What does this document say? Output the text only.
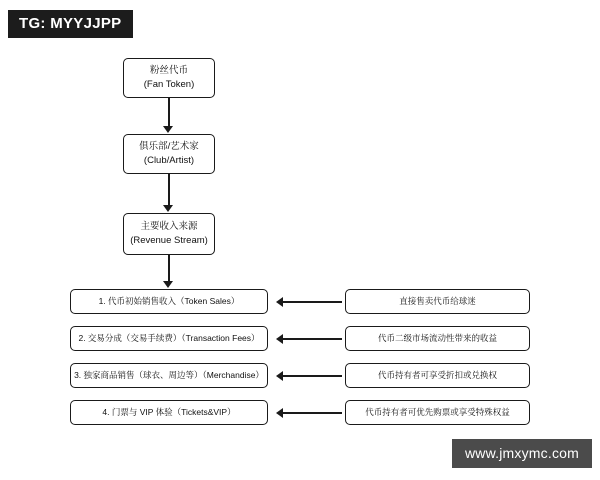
粉丝代币
(Fan Token)
俱乐部/艺术家
(Club/Artist)
主要收入来源
(Revenue Stream)
1. 代币初始销售收入（Token Sales）
2. 交易分成（交易手续费）（Transaction Fees）
3. 独家商品销售（球衣、周边等）（Merchandise）
4. 门票与 VIP 体验（Tickets&VIP）
直接售卖代币给球迷
代币二级市场流动性带来的收益
代币持有者可享受折扣或兑换权
代币持有者可优先购票或享受特殊权益
TG: MYYJJPP
www.jmxymc.com
